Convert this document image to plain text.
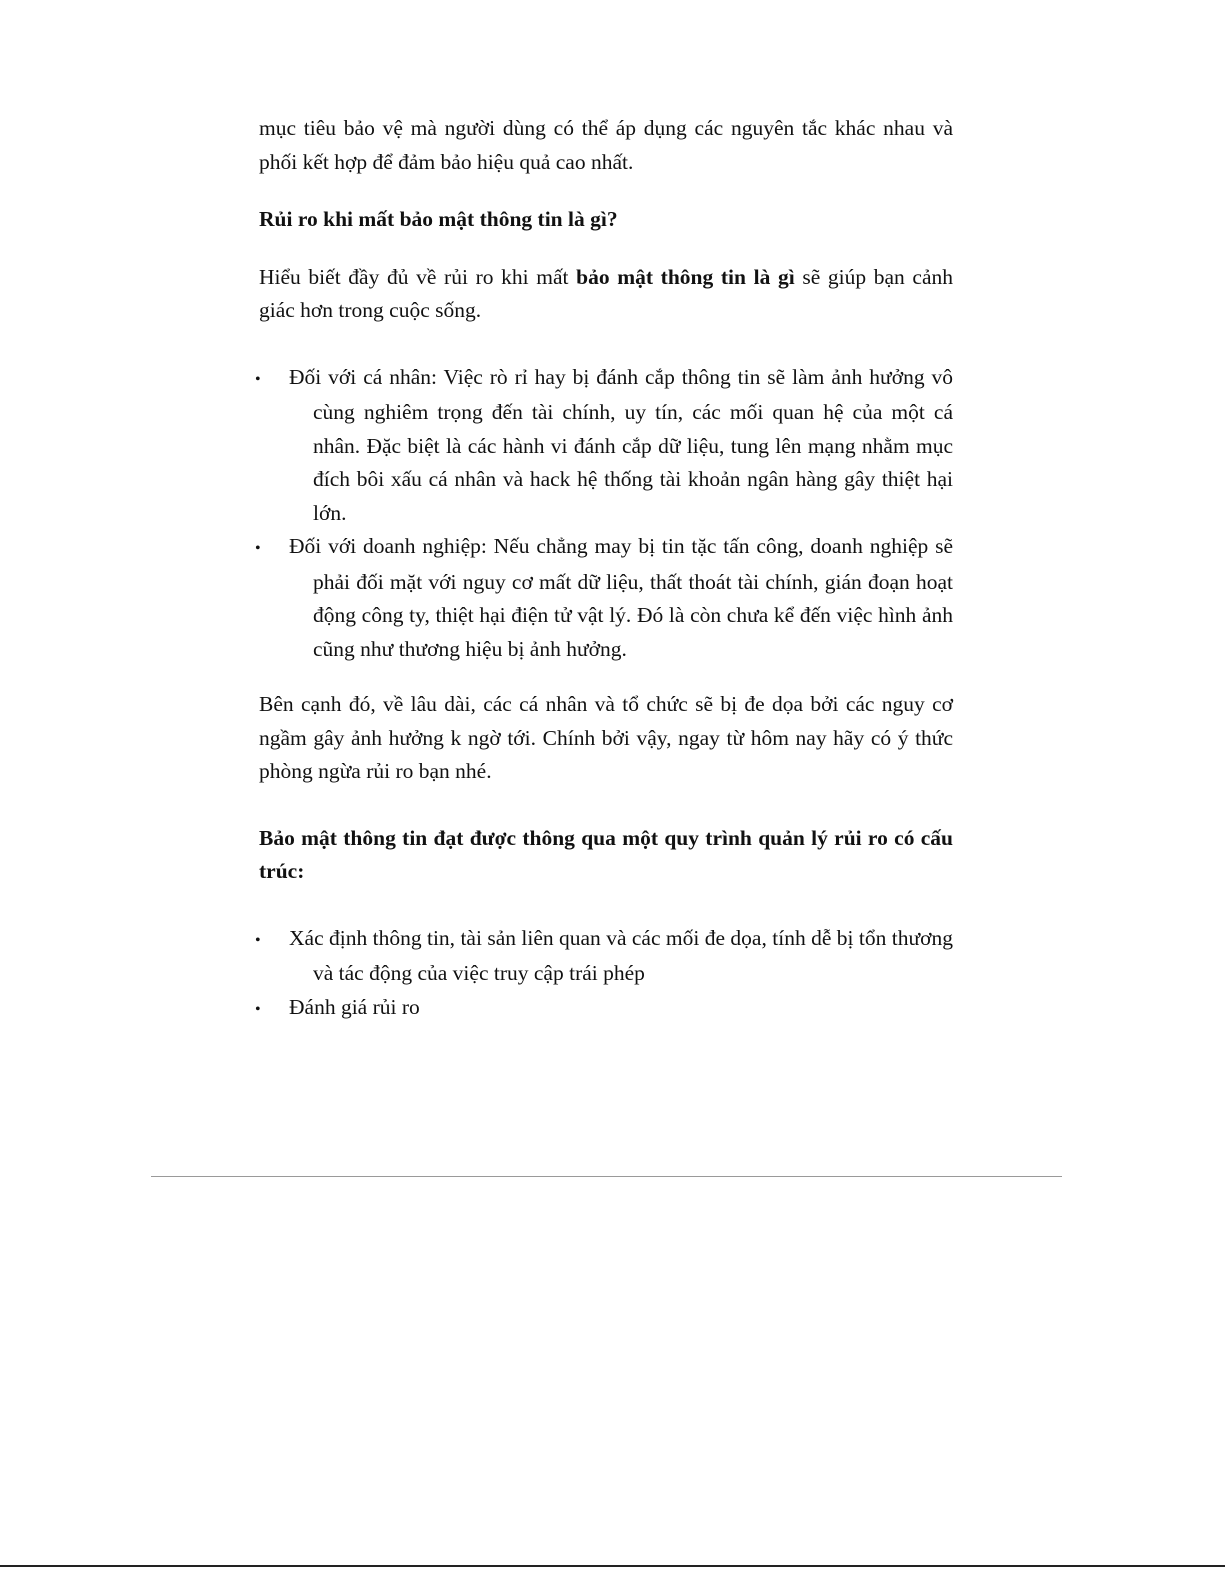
mục tiêu bảo vệ mà người dùng có thể áp dụng các nguyên tắc khác nhau và phối kết hợp để đảm bảo hiệu quả cao nhất.

Rủi ro khi mất bảo mật thông tin là gì?

Hiểu biết đầy đủ về rủi ro khi mất bảo mật thông tin là gì sẽ giúp bạn cảnh giác hơn trong cuộc sống.

• Đối với cá nhân: Việc rò rỉ hay bị đánh cắp thông tin sẽ làm ảnh hưởng vô cùng nghiêm trọng đến tài chính, uy tín, các mối quan hệ của một cá nhân. Đặc biệt là các hành vi đánh cắp dữ liệu, tung lên mạng nhằm mục đích bôi xấu cá nhân và hack hệ thống tài khoản ngân hàng gây thiệt hại lớn.
• Đối với doanh nghiệp: Nếu chẳng may bị tin tặc tấn công, doanh nghiệp sẽ phải đối mặt với nguy cơ mất dữ liệu, thất thoát tài chính, gián đoạn hoạt động công ty, thiệt hại điện tử vật lý. Đó là còn chưa kể đến việc hình ảnh cũng như thương hiệu bị ảnh hưởng.

Bên cạnh đó, về lâu dài, các cá nhân và tổ chức sẽ bị đe dọa bởi các nguy cơ ngầm gây ảnh hưởng k ngờ tới. Chính bởi vậy, ngay từ hôm nay hãy có ý thức phòng ngừa rủi ro bạn nhé.

Bảo mật thông tin đạt được thông qua một quy trình quản lý rủi ro có cấu trúc:

• Xác định thông tin, tài sản liên quan và các mối đe dọa, tính dễ bị tổn thương và tác động của việc truy cập trái phép
• Đánh giá rủi ro
